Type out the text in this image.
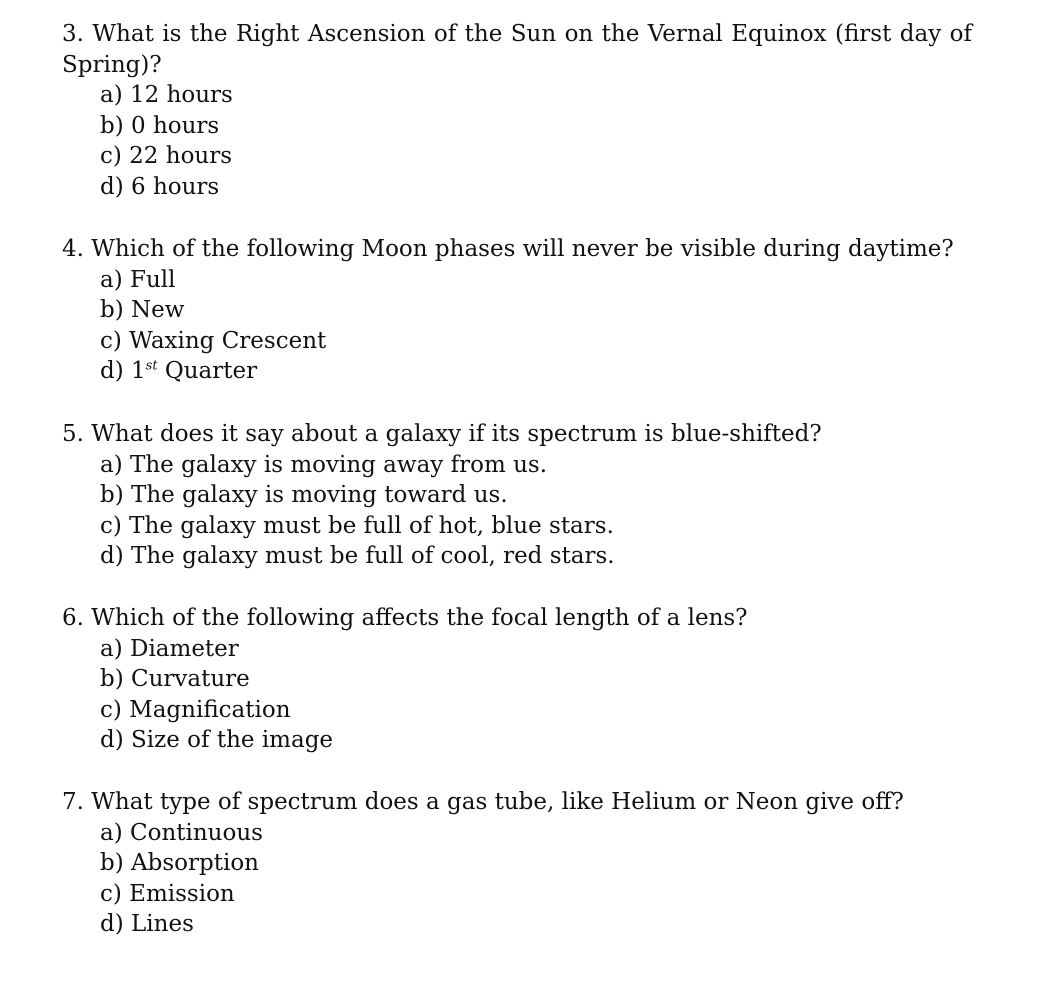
3. What is the Right Ascension of the Sun on the Vernal Equinox (first day of Spring)?

a) 12 hours
b) 0 hours
c) 22 hours
d) 6 hours

4. Which of the following Moon phases will never be visible during daytime?

a) Full
b) New
c) Waxing Crescent
d) 1st Quarter

5. What does it say about a galaxy if its spectrum is blue-shifted?

a) The galaxy is moving away from us.
b) The galaxy is moving toward us.
c) The galaxy must be full of hot, blue stars.
d) The galaxy must be full of cool, red stars.

6. Which of the following affects the focal length of a lens?

a) Diameter
b) Curvature
c) Magnification
d) Size of the image

7. What type of spectrum does a gas tube, like Helium or Neon give off?

a) Continuous
b) Absorption
c) Emission
d) Lines
